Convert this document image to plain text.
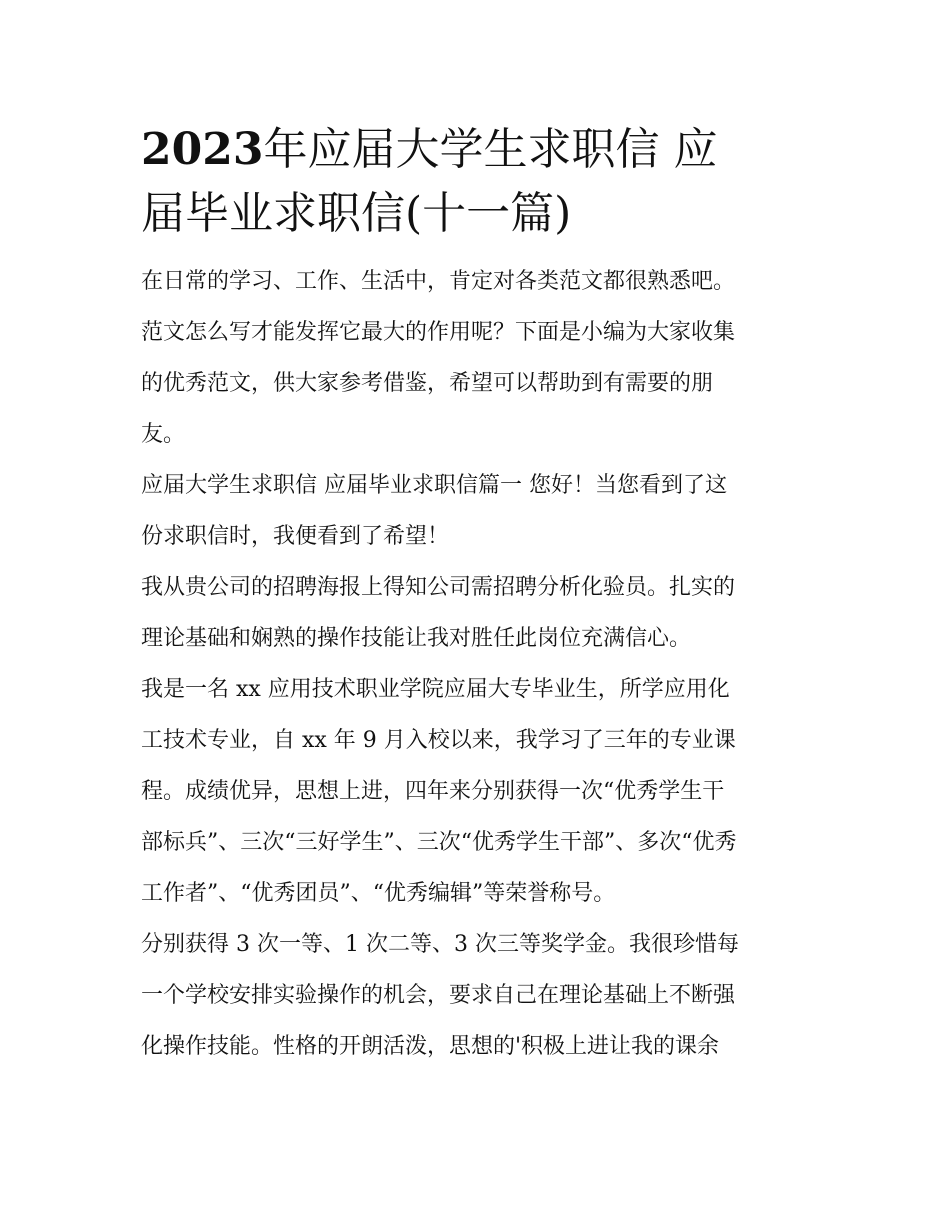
2023年应届大学生求职信 应
届毕业求职信(十一篇)

在日常的学习、工作、生活中，肯定对各类范文都很熟悉吧。
范文怎么写才能发挥它最大的作用呢？下面是小编为大家收集
的优秀范文，供大家参考借鉴，希望可以帮助到有需要的朋
友。

应届大学生求职信 应届毕业求职信篇一 您好！当您看到了这
份求职信时，我便看到了希望！

我从贵公司的招聘海报上得知公司需招聘分析化验员。扎实的
理论基础和娴熟的操作技能让我对胜任此岗位充满信心。

我是一名 xx 应用技术职业学院应届大专毕业生，所学应用化
工技术专业，自 xx 年 9 月入校以来，我学习了三年的专业课
程。成绩优异，思想上进，四年来分别获得一次“优秀学生干
部标兵”、三次“三好学生”、三次“优秀学生干部”、多次“优秀
工作者”、“优秀团员”、“优秀编辑”等荣誉称号。

分别获得 3 次一等、1 次二等、3 次三等奖学金。我很珍惜每
一个学校安排实验操作的机会，要求自己在理论基础上不断强
化操作技能。性格的开朗活泼，思想的'积极上进让我的课余
